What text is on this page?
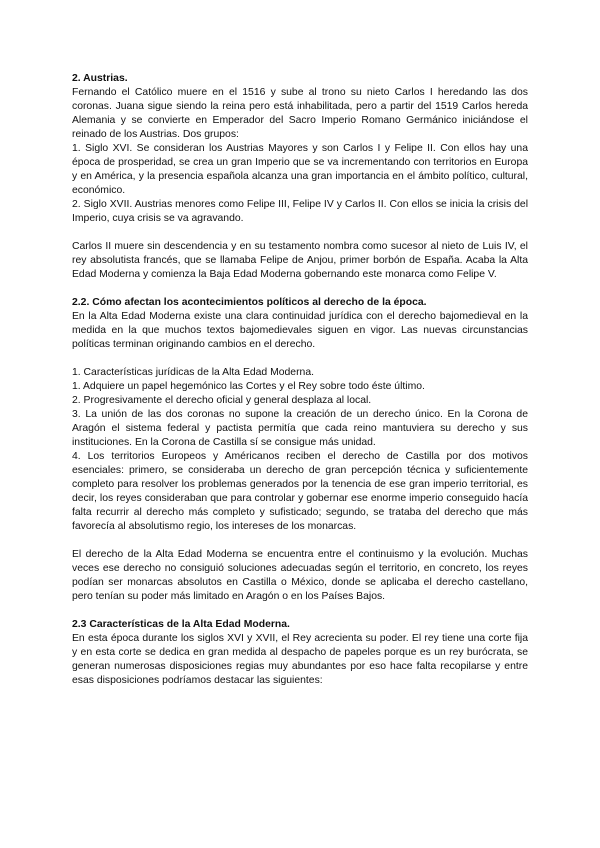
2. Austrias.

Fernando el Católico muere en el 1516 y sube al trono su nieto Carlos I heredando las dos coronas. Juana sigue siendo la reina pero está inhabilitada, pero a partir del 1519 Carlos hereda Alemania y se convierte en Emperador del Sacro Imperio Romano Germánico iniciándose el reinado de los Austrias. Dos grupos:

1. Siglo XVI. Se consideran los Austrias Mayores y son Carlos I y Felipe II. Con ellos hay una época de prosperidad, se crea un gran Imperio que se va incrementando con territorios en Europa y en América, y la presencia española alcanza una gran importancia en el ámbito político, cultural, económico.

2. Siglo XVII. Austrias menores como Felipe III, Felipe IV y Carlos II. Con ellos se inicia la crisis del Imperio, cuya crisis se va agravando.

Carlos II muere sin descendencia y en su testamento nombra como sucesor al nieto de Luis IV, el rey absolutista francés, que se llamaba Felipe de Anjou, primer borbón de España. Acaba la Alta Edad Moderna y comienza la Baja Edad Moderna gobernando este monarca como Felipe V.

2.2. Cómo afectan los acontecimientos políticos al derecho de la época.

En la Alta Edad Moderna existe una clara continuidad jurídica con el derecho bajomedieval en la medida en la que muchos textos bajomedievales siguen en vigor. Las nuevas circunstancias políticas terminan originando cambios en el derecho.

1. Características jurídicas de la Alta Edad Moderna.

1. Adquiere un papel hegemónico las Cortes y el Rey sobre todo éste último.

2. Progresivamente el derecho oficial y general desplaza al local.

3. La unión de las dos coronas no supone la creación de un derecho único. En la Corona de Aragón el sistema federal y pactista permitía que cada reino mantuviera su derecho y sus instituciones. En la Corona de Castilla sí se consigue más unidad.

4. Los territorios Europeos y Américanos reciben el derecho de Castilla por dos motivos esenciales: primero, se consideraba un derecho de gran percepción técnica y suficientemente completo para resolver los problemas generados por la tenencia de ese gran imperio territorial, es decir, los reyes consideraban que para controlar y gobernar ese enorme imperio conseguido hacía falta recurrir al derecho más completo y sufisticado; segundo, se trataba del derecho que más favorecía al absolutismo regio, los intereses de los monarcas.

El derecho de la Alta Edad Moderna se encuentra entre el continuismo y la evolución. Muchas veces ese derecho no consiguió soluciones adecuadas según el territorio, en concreto, los reyes podían ser monarcas absolutos en Castilla o México, donde se aplicaba el derecho castellano, pero tenían su poder más limitado en Aragón o en los Países Bajos.

2.3 Características de la Alta Edad Moderna.

En esta época durante los siglos XVI y XVII, el Rey acrecienta su poder. El rey tiene una corte fija y en esta corte se dedica en gran medida al despacho de papeles porque es un rey burócrata, se generan numerosas disposiciones regias muy abundantes por eso hace falta recopilarse y entre esas disposiciones podríamos destacar las siguientes:
